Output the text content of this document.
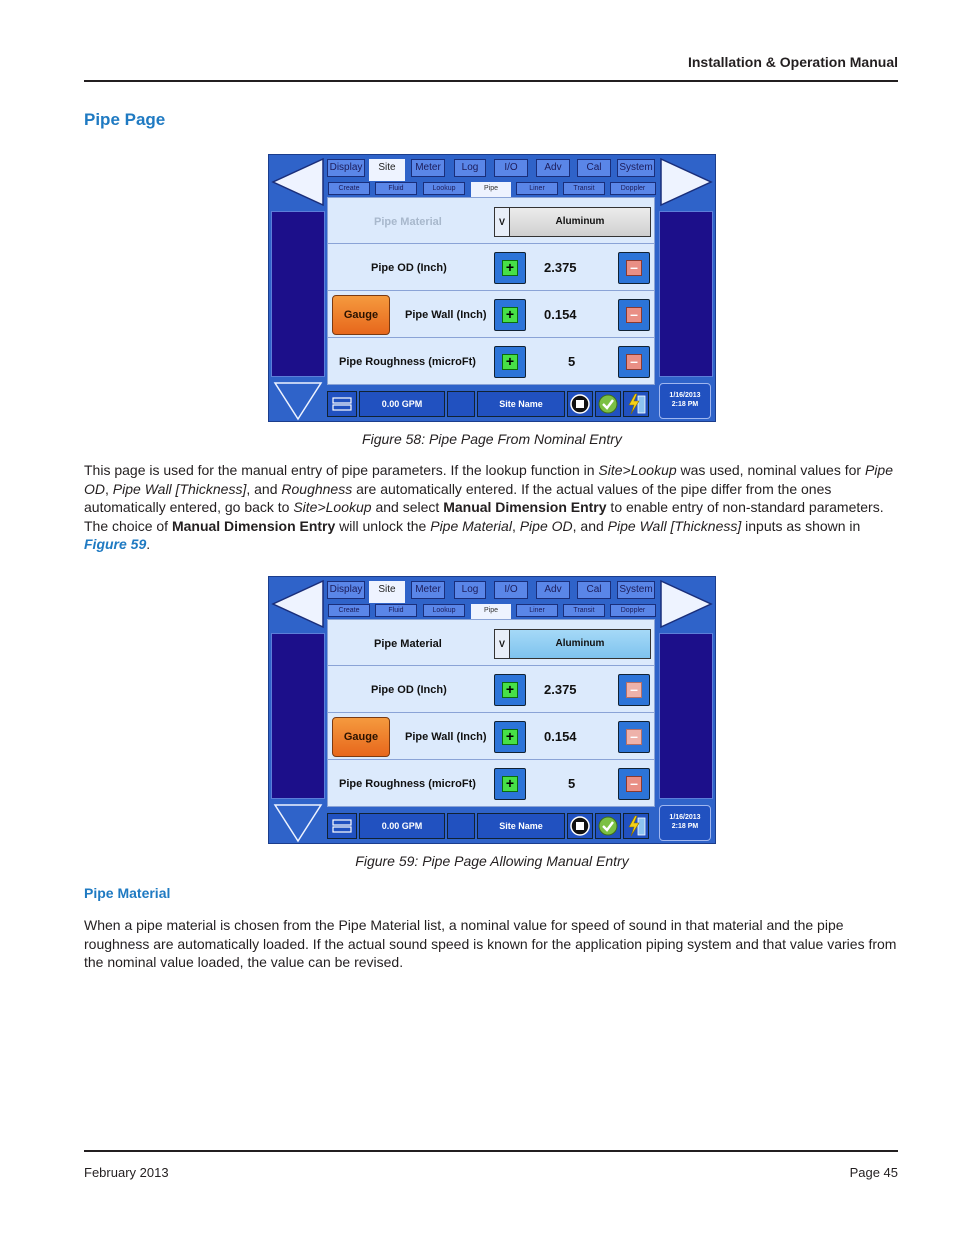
Installation & Operation Manual
Pipe Page
1/16/2013
2:18 PM
Display	Site	Meter	Log	I/O	Adv	Cal	System
Create	Fluid	Lookup	Pipe	Liner	Transit	Doppler
Pipe Material	V	Aluminum
Pipe OD (Inch)	+	2.375	–
Gauge	Pipe Wall (Inch) +	0.154	–
Pipe Roughness (microFt) +	5	–
0.00 GPM	Site Name
Figure 58: Pipe Page From Nominal Entry
This page is used for the manual entry of pipe parameters. If the lookup function in Site>Lookup was used, nominal values for Pipe OD, Pipe Wall [Thickness], and Roughness are automatically entered. If the actual values of the pipe differ from the ones automatically entered, go back to Site>Lookup and select Manual Dimension Entry to enable entry of non-standard parameters. The choice of Manual Dimension Entry will unlock the Pipe Material, Pipe OD, and Pipe Wall [Thickness] inputs as shown in Figure 59.
1/16/2013
2:18 PM
Display	Site	Meter	Log	I/O	Adv	Cal	System
Create	Fluid	Lookup	Pipe	Liner	Transit	Doppler
Pipe Material	V	Aluminum
Pipe OD (Inch)	+	2.375	–
Gauge	Pipe Wall (Inch) +	0.154	–
Pipe Roughness (microFt) +	5	–
0.00 GPM	Site Name
Figure 59: Pipe Page Allowing Manual Entry
Pipe Material
When a pipe material is chosen from the Pipe Material list, a nominal value for speed of sound in that material and the pipe roughness are automatically loaded. If the actual sound speed is known for the application piping system and that value varies from the nominal value loaded, the value can be revised.
February 2013	Page 45
